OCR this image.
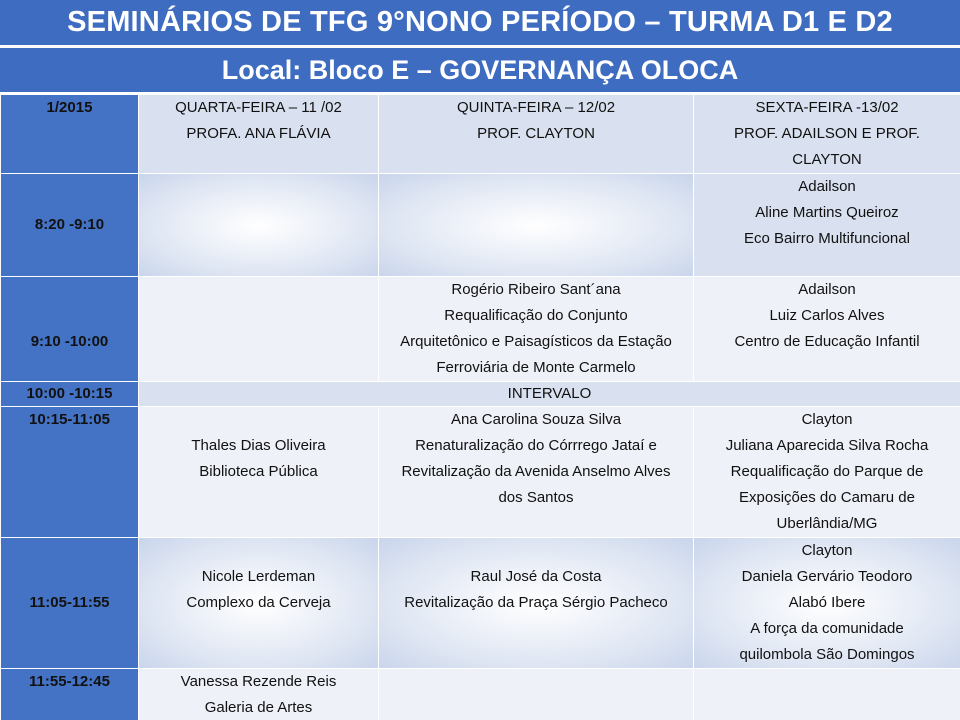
SEMINÁRIOS DE TFG 9°NONO PERÍODO – TURMA D1 E D2
Local: Bloco E – GOVERNANÇA OLOCA
1/2015	QUARTA-FEIRA – 11 /02
PROFA. ANA FLÁVIA	QUINTA-FEIRA – 12/02
PROF. CLAYTON	SEXTA-FEIRA -13/02
PROF. ADAILSON E PROF.
CLAYTON

8:20 -9:10			Adailson
Aline Martins Queiroz
Eco Bairro Multifuncional

9:10 -10:00		Rogério Ribeiro Sant´ana
Requalificação do Conjunto
Arquitetônico e Paisagísticos da Estação
Ferroviária de Monte Carmelo	Adailson
Luiz Carlos Alves
Centro de Educação Infantil

10:00 -10:15	INTERVALO		
10:15-11:05	Thales Dias Oliveira
Biblioteca Pública	Ana Carolina Souza Silva
Renaturalização do Córrrego Jataí e
Revitalização da Avenida Anselmo Alves
dos Santos	Clayton
Juliana Aparecida Silva Rocha
Requalificação do Parque de
Exposições do Camaru de
Uberlândia/MG

11:05-11:55	Nicole Lerdeman
Complexo da Cerveja	Raul José da Costa
Revitalização da Praça Sérgio Pacheco	Clayton
Daniela Gervário Teodoro
Alabó Ibere
A força da comunidade
quilombola São Domingos

11:55-12:45	Vanessa Rezende Reis
Galeria de Artes		
